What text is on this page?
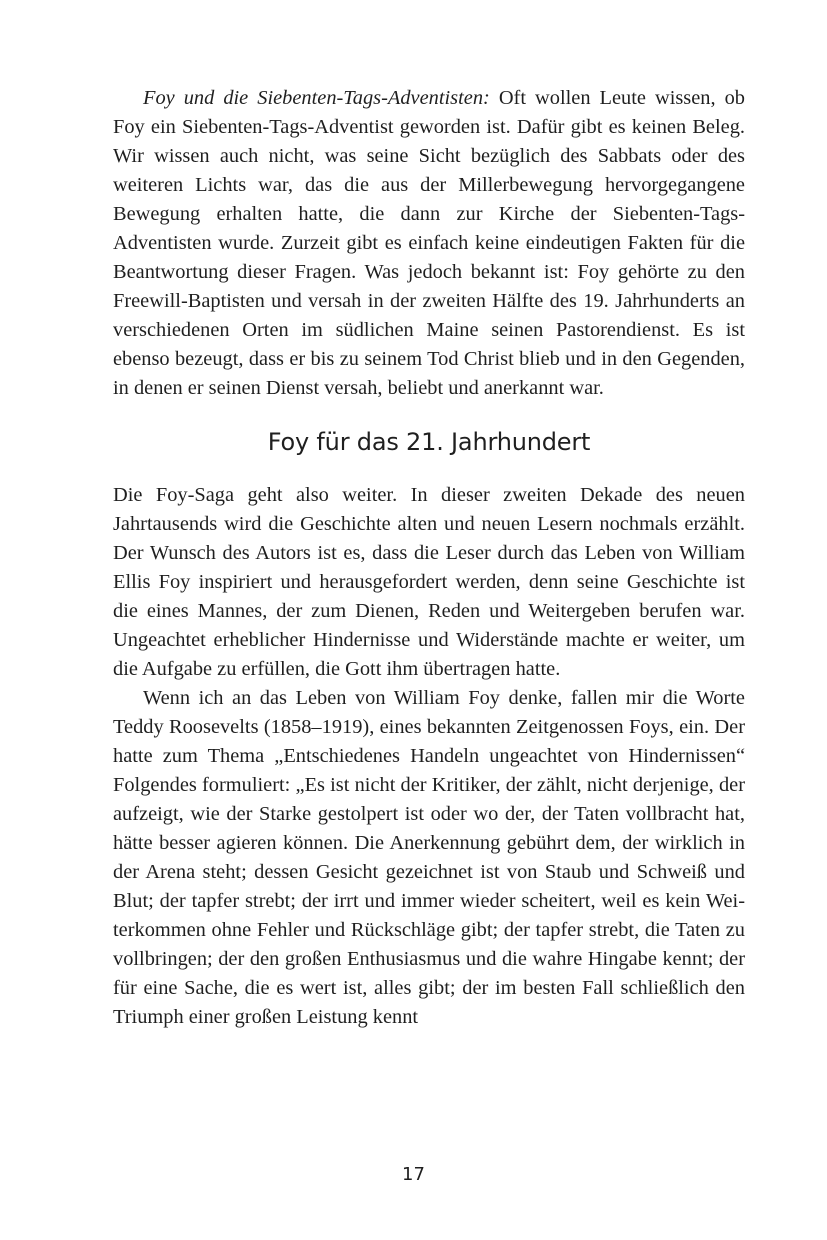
Foy und die Siebenten-Tags-Adventisten: Oft wollen Leute wissen, ob Foy ein Siebenten-Tags-Adventist geworden ist. Dafür gibt es keinen Beleg. Wir wissen auch nicht, was seine Sicht bezüglich des Sabbats oder des weiteren Lichts war, das die aus der Millerbewegung hervorgegangene Bewegung erhalten hatte, die dann zur Kirche der Siebenten-Tags-Adventisten wurde. Zurzeit gibt es einfach keine eindeutigen Fakten für die Beantwortung dieser Fragen. Was jedoch bekannt ist: Foy gehörte zu den Freewill-Baptisten und versah in der zweiten Hälfte des 19. Jahrhunderts an verschiedenen Orten im südlichen Maine seinen Pastorendienst. Es ist ebenso bezeugt, dass er bis zu seinem Tod Christ blieb und in den Gegenden, in denen er seinen Dienst versah, beliebt und anerkannt war.

Foy für das 21. Jahrhundert

Die Foy-Saga geht also weiter. In dieser zweiten Dekade des neuen Jahrtausends wird die Geschichte alten und neuen Lesern nochmals erzählt. Der Wunsch des Autors ist es, dass die Leser durch das Leben von William Ellis Foy inspiriert und herausgefordert werden, denn seine Geschichte ist die eines Mannes, der zum Dienen, Reden und Weitergeben berufen war. Ungeachtet erheblicher Hindernisse und Widerstände machte er weiter, um die Aufgabe zu erfüllen, die Gott ihm übertragen hatte.

Wenn ich an das Leben von William Foy denke, fallen mir die Worte Teddy Roosevelts (1858–1919), eines bekannten Zeitgenossen Foys, ein. Der hatte zum Thema „Entschiedenes Handeln ungeachtet von Hindernissen“ Folgendes formuliert: „Es ist nicht der Kritiker, der zählt, nicht derjenige, der aufzeigt, wie der Starke gestolpert ist oder wo der, der Taten vollbracht hat, hätte besser agieren können. Die Anerkennung gebührt dem, der wirklich in der Arena steht; dessen Gesicht gezeichnet ist von Staub und Schweiß und Blut; der tapfer strebt; der irrt und immer wieder scheitert, weil es kein Weiterkommen ohne Fehler und Rückschläge gibt; der tapfer strebt, die Taten zu vollbringen; der den großen Enthusiasmus und die wahre Hingabe kennt; der für eine Sache, die es wert ist, alles gibt; der im besten Fall schließlich den Triumph einer großen Leistung kennt

17
